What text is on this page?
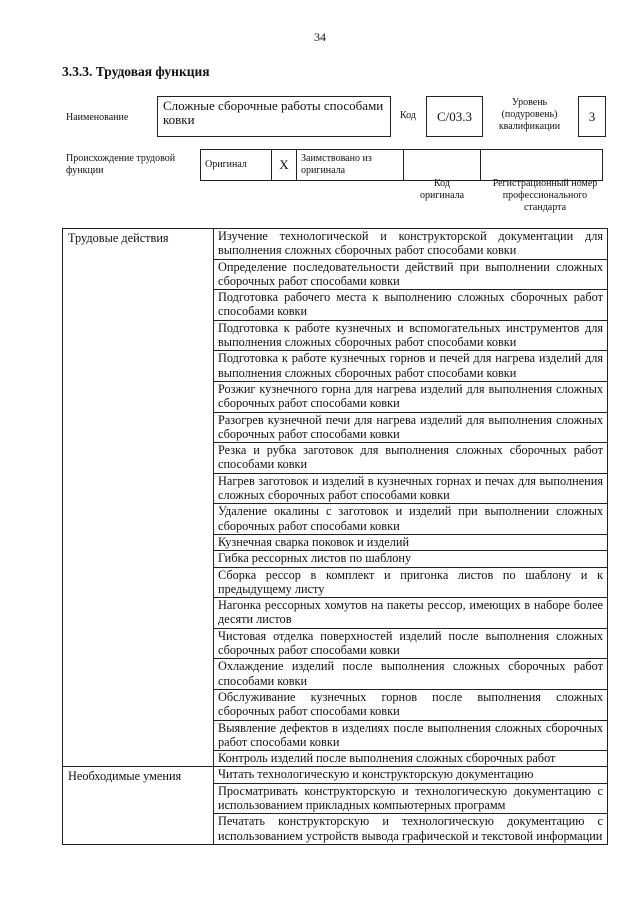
34
3.3.3. Трудовая функция
Наименование
Сложные сборочные работы способами ковки	Код C/03.3
Уровень
(подуровень)
квалификации
3
Происхождение трудовой функции
Оригинал	X	Заимствовано из оригинала		
Код
оригинала
Регистрационный номер
профессионального
стандарта
Трудовые действия	Изучение технологической и конструкторской документации для выполнения сложных сборочных работ способами ковки
	Определение последовательности действий при выполнении сложных сборочных работ способами ковки
	Подготовка рабочего места к выполнению сложных сборочных работ способами ковки
	Подготовка к работе кузнечных и вспомогательных инструментов для выполнения сложных сборочных работ способами ковки
	Подготовка к работе кузнечных горнов и печей для нагрева изделий для выполнения сложных сборочных работ способами ковки
	Розжиг кузнечного горна для нагрева изделий для выполнения сложных сборочных работ способами ковки
	Разогрев кузнечной печи для нагрева изделий для выполнения сложных сборочных работ способами ковки
	Резка и рубка заготовок для выполнения сложных сборочных работ способами ковки
	Нагрев заготовок и изделий в кузнечных горнах и печах для выполнения сложных сборочных работ способами ковки
	Удаление окалины с заготовок и изделий при выполнении сложных сборочных работ способами ковки
	Кузнечная сварка поковок и изделий
	Гибка рессорных листов по шаблону
	Сборка рессор в комплект и пригонка листов по шаблону и к предыдущему листу
	Нагонка рессорных хомутов на пакеты рессор, имеющих в наборе более десяти листов
	Чистовая отделка поверхностей изделий после выполнения сложных сборочных работ способами ковки
	Охлаждение изделий после выполнения сложных сборочных работ способами ковки
	Обслуживание кузнечных горнов после выполнения сложных сборочных работ способами ковки
	Выявление дефектов в изделиях после выполнения сложных сборочных работ способами ковки
	Контроль изделий после выполнения сложных сборочных работ
Необходимые умения	Читать технологическую и конструкторскую документацию
	Просматривать конструкторскую и технологическую документацию с использованием прикладных компьютерных программ
	Печатать конструкторскую и технологическую документацию с использованием устройств вывода графической и текстовой информации
